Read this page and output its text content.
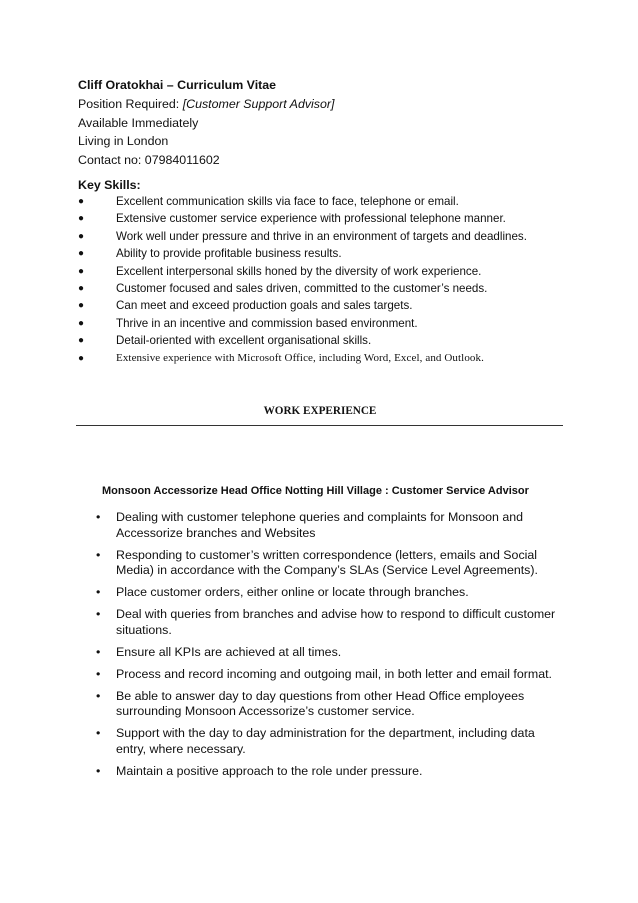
Cliff Oratokhai – Curriculum Vitae
Position Required: [Customer Support Advisor]
Available Immediately
Living in London
Contact no: 07984011602
Key Skills:
●	Excellent communication skills via face to face, telephone or email.
●	Extensive customer service experience with professional telephone manner.
●	Work well under pressure and thrive in an environment of targets and deadlines.
●	Ability to provide profitable business results.
●	Excellent interpersonal skills honed by the diversity of work experience.
●	Customer focused and sales driven, committed to the customer’s needs.
●	Can meet and exceed production goals and sales targets.
●	Thrive in an incentive and commission based environment.
●	Detail-oriented with excellent organisational skills.
●	Extensive experience with Microsoft Office, including Word, Excel, and Outlook.
WORK EXPERIENCE
Monsoon Accessorize Head Office Notting Hill Village : Customer Service Advisor
• Dealing with customer telephone queries and complaints for Monsoon and Accessorize branches and Websites
• Responding to customer’s written correspondence (letters, emails and Social Media) in accordance with the Company’s SLAs (Service Level Agreements).
• Place customer orders, either online or locate through branches.
• Deal with queries from branches and advise how to respond to difficult customer situations.
• Ensure all KPIs are achieved at all times.
• Process and record incoming and outgoing mail, in both letter and email format.
• Be able to answer day to day questions from other Head Office employees surrounding Monsoon Accessorize’s customer service.
• Support with the day to day administration for the department, including data entry, where necessary.
• Maintain a positive approach to the role under pressure.
